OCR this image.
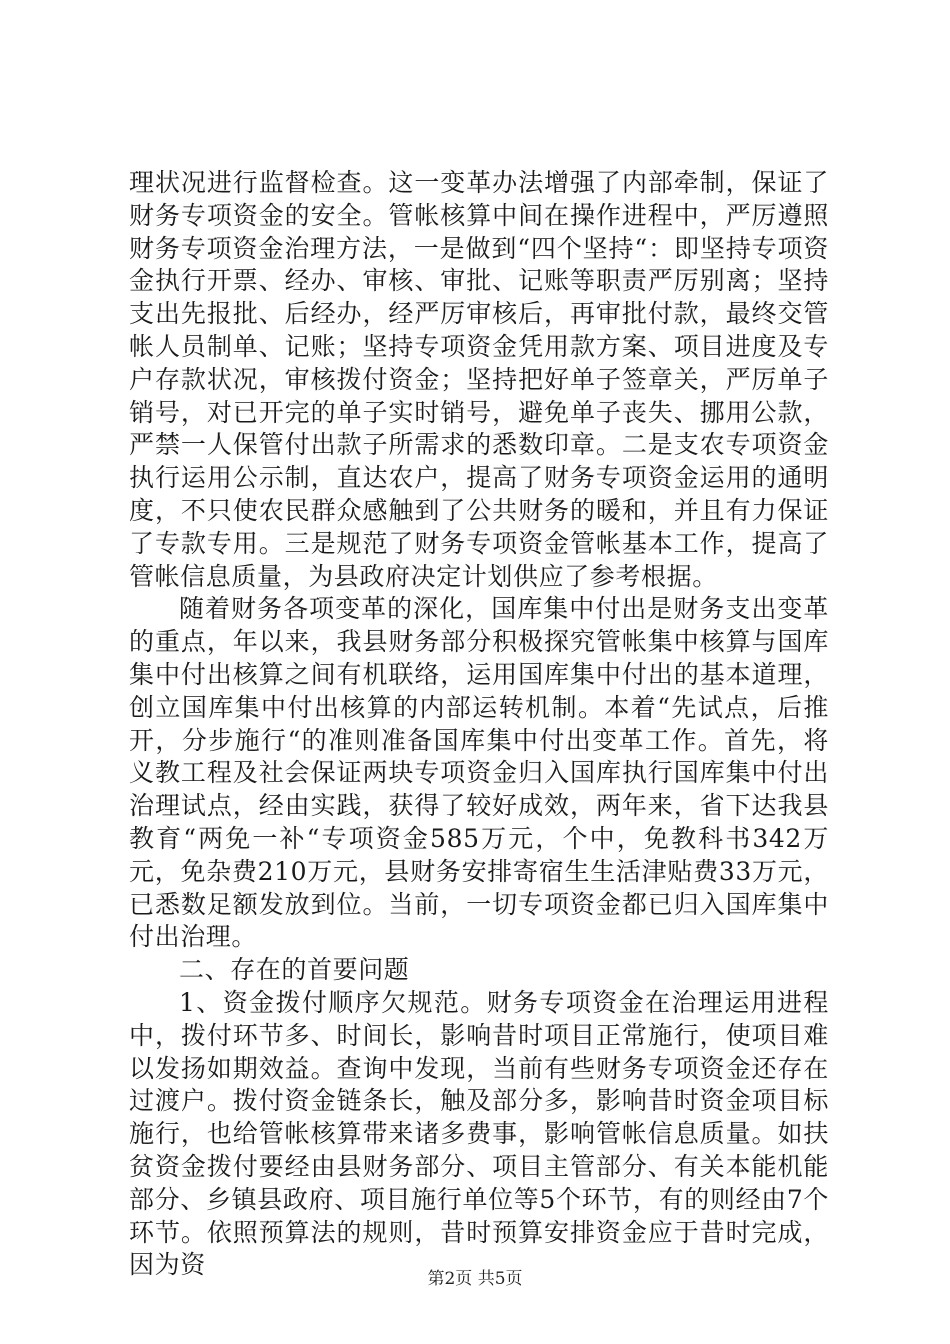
理状况进行监督检查。这一变革办法增强了内部牵制，保证了财务专项资金的安全。管帐核算中间在操作进程中，严厉遵照财务专项资金治理方法，一是做到“四个坚持“：即坚持专项资金执行开票、经办、审核、审批、记账等职责严厉别离；坚持支出先报批、后经办，经严厉审核后，再审批付款，最终交管帐人员制单、记账；坚持专项资金凭用款方案、项目进度及专户存款状况，审核拨付资金；坚持把好单子签章关，严厉单子销号，对已开完的单子实时销号，避免单子丧失、挪用公款，严禁一人保管付出款子所需求的悉数印章。二是支农专项资金执行运用公示制，直达农户，提高了财务专项资金运用的通明度，不只使农民群众感触到了公共财务的暖和，并且有力保证了专款专用。三是规范了财务专项资金管帐基本工作，提高了管帐信息质量，为县政府决定计划供应了参考根据。

随着财务各项变革的深化，国库集中付出是财务支出变革的重点，年以来，我县财务部分积极探究管帐集中核算与国库集中付出核算之间有机联络，运用国库集中付出的基本道理，创立国库集中付出核算的内部运转机制。本着“先试点，后推开，分步施行“的准则准备国库集中付出变革工作。首先，将义教工程及社会保证两块专项资金归入国库执行国库集中付出治理试点，经由实践，获得了较好成效，两年来，省下达我县教育“两免一补“专项资金585万元，个中，免教科书342万元，免杂费210万元，县财务安排寄宿生生活津贴费33万元，已悉数足额发放到位。当前，一切专项资金都已归入国库集中付出治理。

二、存在的首要问题

1、资金拨付顺序欠规范。财务专项资金在治理运用进程中，拨付环节多、时间长，影响昔时项目正常施行，使项目难以发扬如期效益。查询中发现，当前有些财务专项资金还存在过渡户。拨付资金链条长，触及部分多，影响昔时资金项目标施行，也给管帐核算带来诸多费事，影响管帐信息质量。如扶贫资金拨付要经由县财务部分、项目主管部分、有关本能机能部分、乡镇县政府、项目施行单位等5个环节，有的则经由7个环节。依照预算法的规则，昔时预算安排资金应于昔时完成，因为资	第2页 共5页
